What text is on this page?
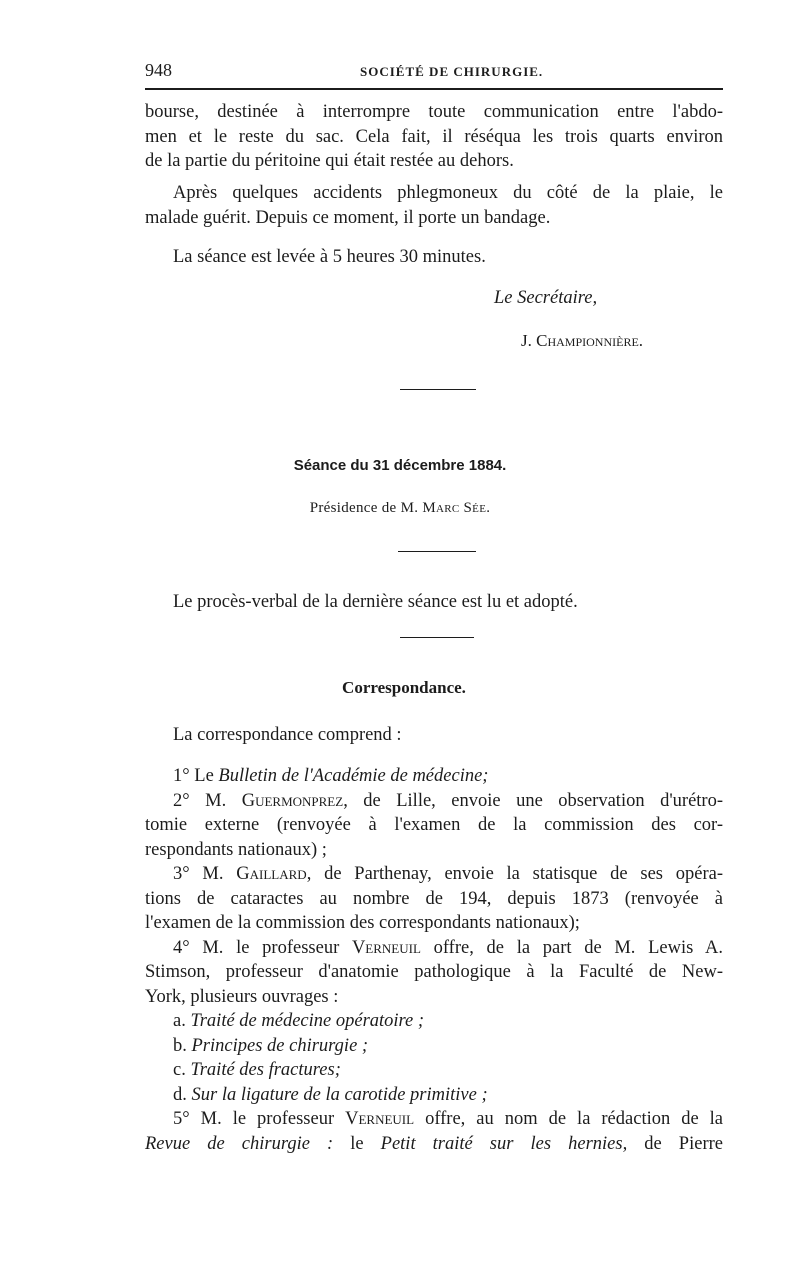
948	SOCIÉTÉ DE CHIRURGIE.
bourse, destinée à interrompre toute communication entre l'abdo-
men et le reste du sac. Cela fait, il réséqua les trois quarts environ
de la partie du péritoine qui était restée au dehors.
Après quelques accidents phlegmoneux du côté de la plaie, le
malade guérit. Depuis ce moment, il porte un bandage.
La séance est levée à 5 heures 30 minutes.
Le Secrétaire,
J. Championnière.
Séance du 31 décembre 1884.
Présidence de M. Marc Sée.
Le procès-verbal de la dernière séance est lu et adopté.
Correspondance.
La correspondance comprend :
1° Le Bulletin de l'Académie de médecine;
2° M. Guermonprez, de Lille, envoie une observation d'urétro-
tomie externe (renvoyée à l'examen de la commission des cor-
respondants nationaux) ;
3° M. Gaillard, de Parthenay, envoie la statisque de ses opéra-
tions de cataractes au nombre de 194, depuis 1873 (renvoyée à
l'examen de la commission des correspondants nationaux);
4° M. le professeur Verneuil offre, de la part de M. Lewis A.
Stimson, professeur d'anatomie pathologique à la Faculté de New-
York, plusieurs ouvrages :
a. Traité de médecine opératoire ;
b. Principes de chirurgie ;
c. Traité des fractures;
d. Sur la ligature de la carotide primitive ;
5° M. le professeur Verneuil offre, au nom de la rédaction de la
Revue de chirurgie : le Petit traité sur les hernies, de Pierre
